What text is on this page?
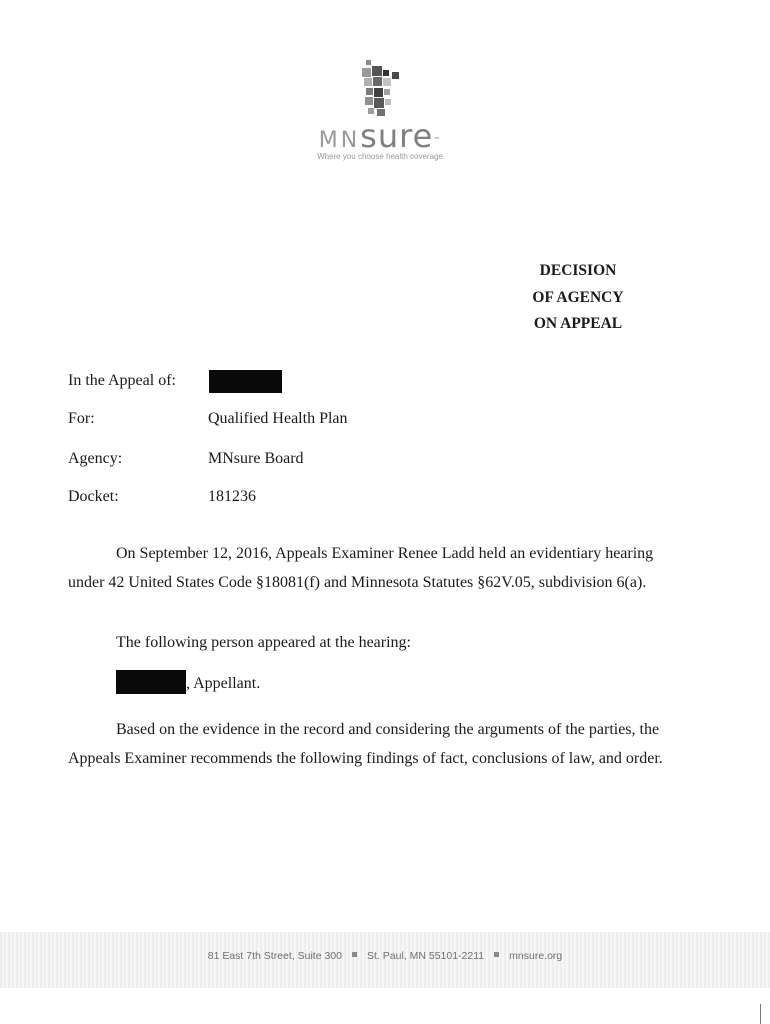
MNsure™
Where you choose health coverage
DECISION
OF AGENCY
ON APPEAL
In the Appeal of:
For:	Qualified Health Plan
Agency:	MNsure Board
Docket:	181236
On September 12, 2016, Appeals Examiner Renee Ladd held an evidentiary hearing
under 42 United States Code §18081(f) and Minnesota Statutes §62V.05, subdivision 6(a).
The following person appeared at the hearing:
, Appellant.
Based on the evidence in the record and considering the arguments of the parties, the
Appeals Examiner recommends the following findings of fact, conclusions of law, and order.
81 East 7th Street, Suite 300 St. Paul, MN 55101-2211 mnsure.org
